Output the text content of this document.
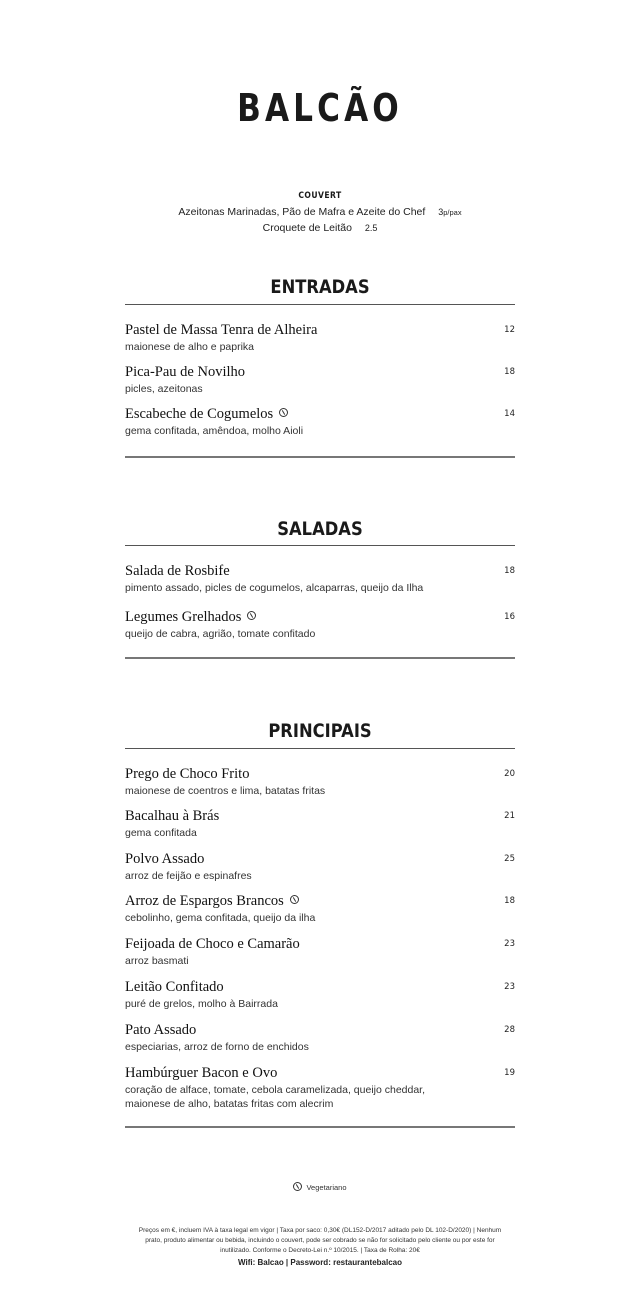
BALCÃO
COUVERT
Azeitonas Marinadas, Pão de Mafra e Azeite do Chef 3p/pax
Croquete de Leitão 2.5
ENTRADAS
Pastel de Massa Tenra de Alheira
maionese de alho e paprika
12
Pica-Pau de Novilho
picles, azeitonas
18
Escabeche de Cogumelos
gema confitada, amêndoa, molho Aioli
14
SALADAS
Salada de Rosbife
pimento assado, picles de cogumelos, alcaparras, queijo da Ilha
18
Legumes Grelhados
queijo de cabra, agrião, tomate confitado
16
PRINCIPAIS
Prego de Choco Frito
maionese de coentros e lima, batatas fritas
20
Bacalhau à Brás
gema confitada
21
Polvo Assado
arroz de feijão e espinafres
25
Arroz de Espargos Brancos
cebolinho, gema confitada, queijo da ilha
18
Feijoada de Choco e Camarão
arroz basmati
23
Leitão Confitado
puré de grelos, molho à Bairrada
23
Pato Assado
especiarias, arroz de forno de enchidos
28
Hambúrguer Bacon e Ovo
coração de alface, tomate, cebola caramelizada, queijo cheddar, maionese de alho, batatas fritas com alecrim
19
Vegetariano
Preços em €, incluem IVA à taxa legal em vigor | Taxa por saco: 0,30€ (DL152-D/2017 aditado pelo DL 102-D/2020) | Nenhum prato, produto alimentar ou bebida, incluindo o couvert, pode ser cobrado se não for solicitado pelo cliente ou por este for inutilizado. Conforme o Decreto-Lei n.º 10/2015. | Taxa de Rolha: 20€
Wifi: Balcao | Password: restaurantebalcao
